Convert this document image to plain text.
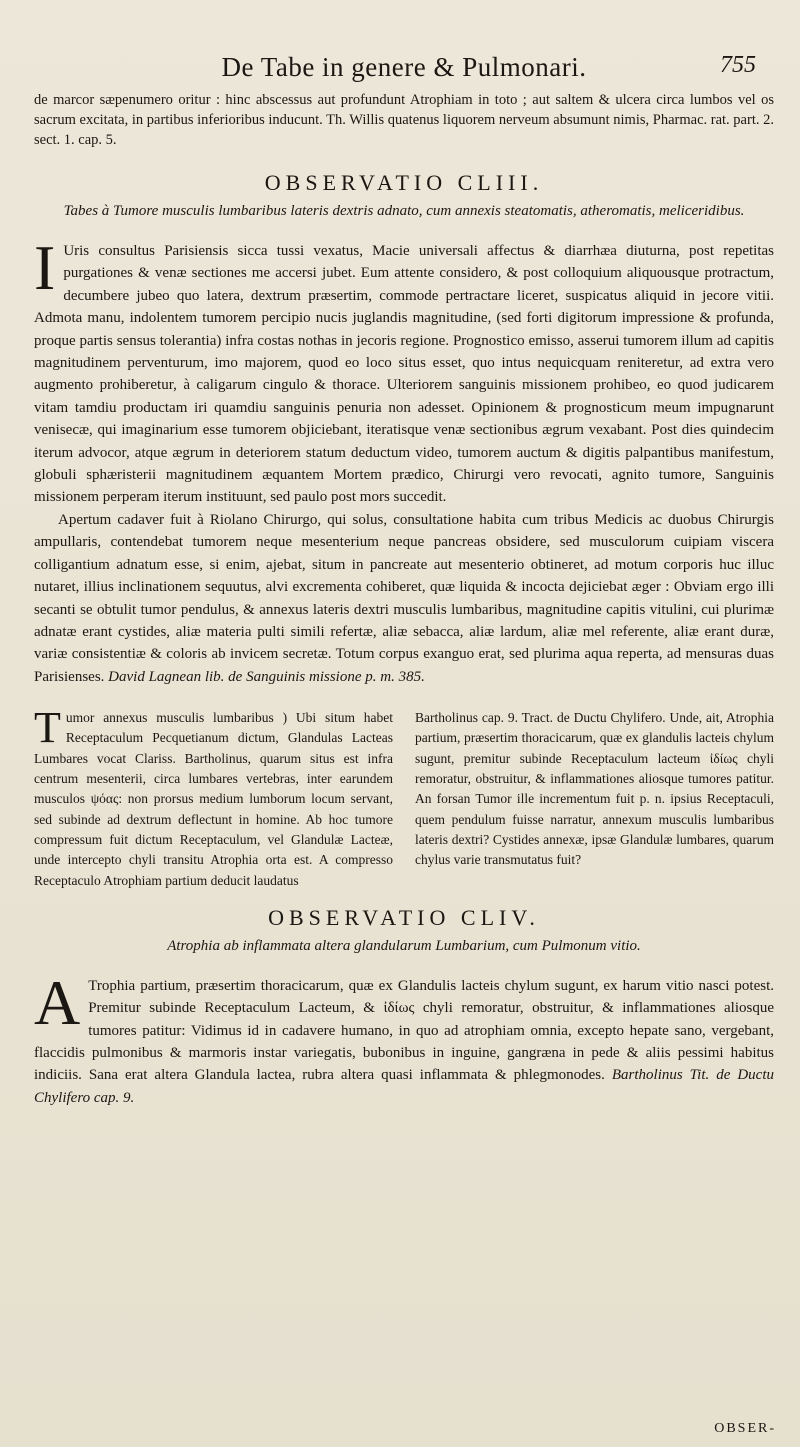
De Tabe in genere & Pulmonari.	755

de marcor sæpenumero oritur : hinc abscessus aut profundunt Atrophiam in toto ; aut saltem & ulcera circa lumbos vel os sacrum excitata, in partibus inferioribus inducunt. Th. Willis quatenus liquorem nerveum absumunt nimis, Pharmac. rat. part. 2. sect. 1. cap. 5.

OBSERVATIO CLIII.
Tabes à Tumore musculis lumbaribus lateris dextris adnato, cum annexis steatomatis, atheromatis, meliceridibus.

I Uris consultus Parisiensis sicca tussi vexatus, Macie universali affectus & diarrhæa diuturna, post repetitas purgationes & venæ sectiones me accersi jubet. Eum attente considero, & post colloquium aliquousque protractum, decumbere jubeo quo latera, dextrum præsertim, commode pertractare liceret, suspicatus aliquid in jecore vitii. Admota manu, indolentem tumorem percipio nucis juglandis magnitudine, (sed forti digitorum impressione & profunda, proque partis sensus tolerantia) infra costas nothas in jecoris regione. Prognostico emisso, asserui tumorem illum ad capitis magnitudinem perventurum, imo majorem, quod eo loco situs esset, quo intus nequicquam reniteretur, ad extra vero augmento prohiberetur, à caligarum cingulo & thorace. Ulteriorem sanguinis missionem prohibeo, eo quod judicarem vitam tamdiu productam iri quamdiu sanguinis penuria non adesset. Opinionem & prognosticum meum impugnarunt venisecæ, qui imaginarium esse tumorem objiciebant, iteratisque venæ sectionibus ægrum vexabant. Post dies quindecim iterum advocor, atque ægrum in deteriorem statum deductum video, tumorem auctum & digitis palpantibus manifestum, globuli sphæristerii magnitudinem æquantem Mortem prædico, Chirurgi vero revocati, agnito tumore, Sanguinis missionem perperam iterum instituunt, sed paulo post mors succedit.

Apertum cadaver fuit à Riolano Chirurgo, qui solus, consultatione habita cum tribus Medicis ac duobus Chirurgis ampullaris, contendebat tumorem neque mesenterium neque pancreas obsidere, sed musculorum cuipiam viscera colligantium adnatum esse, si enim, ajebat, situm in pancreate aut mesenterio obtineret, ad motum corporis huc illuc nutaret, illius inclinationem sequutus, alvi excrementa cohiberet, quæ liquida & incocta dejiciebat æger : Obviam ergo illi secanti se obtulit tumor pendulus, & annexus lateris dextri musculis lumbaribus, magnitudine capitis vitulini, cui plurimæ adnatæ erant cystides, aliæ materia pulti simili refertæ, aliæ sebacca, aliæ lardum, aliæ mel referente, aliæ erant duræ, variæ consistentiæ & coloris ab invicem secretæ. Totum corpus exanguo erat, sed plurima aqua reperta, ad mensuras duas Parisienses. David Lagnean lib. de Sanguinis missione p. m. 385.

Tumor annexus musculis lumbaribus ) Ubi situm habet Receptaculum Pecquetianum dictum, Glandulas Lacteas Lumbares vocat Clariss. Bartholinus, quarum situs est infra centrum mesenterii, circa lumbares vertebras, inter earundem musculos ψόας: non prorsus medium lumborum locum servant, sed subinde ad dextrum deflectunt in homine. Ab hoc tumore compressum fuit dictum Receptaculum, vel Glandulæ Lacteæ, unde intercepto chyli transitu Atrophia orta est. A compresso Receptaculo Atrophiam partium deducit laudatus
Bartholinus cap. 9. Tract. de Ductu Chylifero. Unde, ait, Atrophia partium, præsertim thoracicarum, quæ ex glandulis lacteis chylum sugunt, premitur subinde Receptaculum lacteum ἰδίως chyli remoratur, obstruitur, & inflammationes aliosque tumores patitur. An forsan Tumor ille incrementum fuit p. n. ipsius Receptaculi, quem pendulum fuisse narratur, annexum musculis lumbaribus lateris dextri? Cystides annexæ, ipsæ Glandulæ lumbares, quarum chylus varie transmutatus fuit?
OBSERVATIO CLIV.
Atrophia ab inflammata altera glandularum Lumbarium, cum Pulmonum vitio.

A Trophia partium, præsertim thoracicarum, quæ ex Glandulis lacteis chylum sugunt, ex harum vitio nasci potest. Premitur subinde Receptaculum Lacteum, & ἰδίως chyli remoratur, obstruitur, & inflammationes aliosque tumores patitur: Vidimus id in cadavere humano, in quo ad atrophiam omnia, excepto hepate sano, vergebant, flaccidis pulmonibus & marmoris instar variegatis, bubonibus in inguine, gangræna in pede & aliis pessimi habitus indiciis. Sana erat altera Glandula lactea, rubra altera quasi inflammata & phlegmonodes. Bartholinus Tit. de Ductu Chylifero cap. 9.

OBSER-
